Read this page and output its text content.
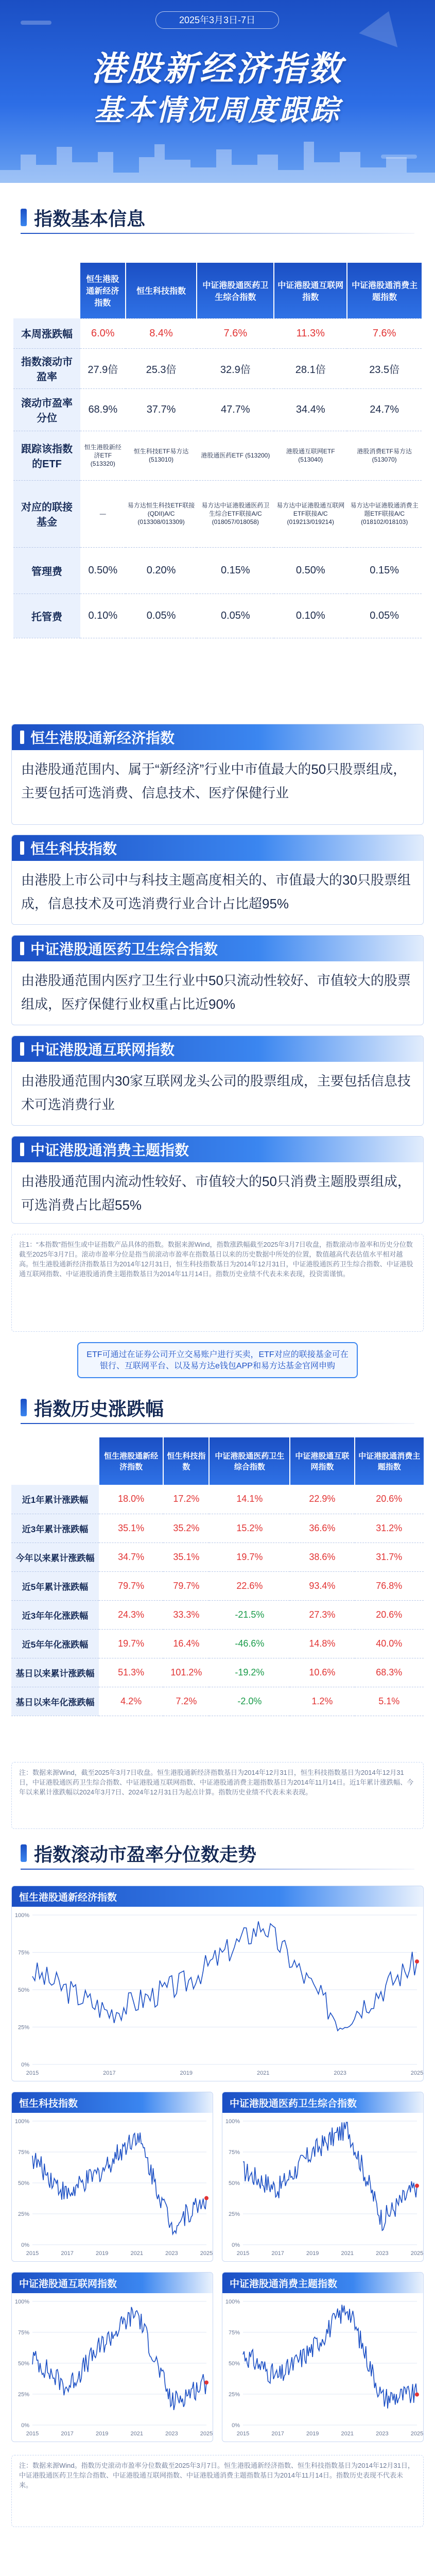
2025年3月3日-7日
港股新经济指数
基本情况周度跟踪
指数基本信息
	恒生港股通新经济指数	恒生科技指数	中证港股通医药卫生综合指数	中证港股通互联网指数	中证港股通消费主题指数
本周涨跌幅	6.0%	8.4%	7.6%	11.3%	7.6%
指数滚动市盈率	27.9倍	25.3倍	32.9倍	28.1倍	23.5倍
滚动市盈率分位	68.9%	37.7%	47.7%	34.4%	24.7%
跟踪该指数的ETF	恒生港股新经济ETF (513320)	恒生科技ETF易方达 (513010)	港股通医药ETF (513200)	港股通互联网ETF (513040)	港股消费ETF易方达 (513070)
对应的联接基金	—	易方达恒生科技ETF联接(QDII)A/C (013308/013309)	易方达中证港股通医药卫生综合ETF联接A/C (018057/018058)	易方达中证港股通互联网ETF联接A/C (019213/019214)	易方达中证港股通消费主题ETF联接A/C (018102/018103)
管理费	0.50%	0.20%	0.15%	0.50%	0.15%
托管费	0.10%	0.05%	0.05%	0.10%	0.05%
恒生港股通新经济指数
由港股通范围内、属于“新经济”行业中市值最大的50只股票组成，主要包括可选消费、信息技术、医疗保健行业
恒生科技指数
由港股上市公司中与科技主题高度相关的、市值最大的30只股票组成，信息技术及可选消费行业合计占比超95%
中证港股通医药卫生综合指数
由港股通范围内医疗卫生行业中50只流动性较好、市值较大的股票组成，医疗保健行业权重占比近90%
中证港股通互联网指数
由港股通范围内30家互联网龙头公司的股票组成，主要包括信息技术可选消费行业
中证港股通消费主题指数
由港股通范围内流动性较好、市值较大的50只消费主题股票组成，可选消费占比超55%
注1：“本指数”指恒生或中证指数产品具体的指数。数据来源Wind，指数涨跌幅截至2025年3月7日收盘，指数滚动市盈率和历史分位数截至2025年3月7日。滚动市盈率分位是指当前滚动市盈率在指数基日以来的历史数据中所处的位置，数值越高代表估值水平相对越高。恒生港股通新经济指数基日为2014年12月31日，恒生科技指数基日为2014年12月31日，中证港股通医药卫生综合指数、中证港股通互联网指数、中证港股通消费主题指数基日为2014年11月14日。指数历史业绩不代表未来表现，投资需谨慎。
ETF可通过在证券公司开立交易账户进行买卖，ETF对应的联接基金可在银行、互联网平台、以及易方达e钱包APP和易方达基金官网申购
指数历史涨跌幅
	恒生港股通新经济指数	恒生科技指数	中证港股通医药卫生综合指数	中证港股通互联网指数	中证港股通消费主题指数
近1年累计涨跌幅	18.0%	17.2%	14.1%	22.9%	20.6%
近3年累计涨跌幅	35.1%	35.2%	15.2%	36.6%	31.2%
今年以来累计涨跌幅	34.7%	35.1%	19.7%	38.6%	31.7%
近5年累计涨跌幅	79.7%	79.7%	22.6%	93.4%	76.8%
近3年年化涨跌幅	24.3%	33.3%	-21.5%	27.3%	20.6%
近5年年化涨跌幅	19.7%	16.4%	-46.6%	14.8%	40.0%
基日以来累计涨跌幅	51.3%	101.2%	-19.2%	10.6%	68.3%
基日以来年化涨跌幅	4.2%	7.2%	-2.0%	1.2%	5.1%
注：数据来源Wind，截至2025年3月7日收盘。恒生港股通新经济指数基日为2014年12月31日，恒生科技指数基日为2014年12月31日，中证港股通医药卫生综合指数、中证港股通互联网指数、中证港股通消费主题指数基日为2014年11月14日。近1年累计涨跌幅、今年以来累计涨跌幅以2024年3月7日、2024年12月31日为起点计算。指数历史业绩不代表未来表现。
指数滚动市盈率分位数走势
恒生港股通新经济指数
0%
25%
50%
75%
100%
2015	2017	2019	2021	2023	2025
恒生科技指数
0%
25%
50%
75%
100%
2015	2017	2019	2021	2023	2025
中证港股通医药卫生综合指数
0%
25%
50%
75%
100%
2015	2017	2019	2021	2023	2025
中证港股通互联网指数
0%
25%
50%
75%
100%
2015	2017	2019	2021	2023	2025
中证港股通消费主题指数
0%
25%
50%
75%
100%
2015	2017	2019	2021	2023	2025
注：数据来源Wind。指数历史滚动市盈率分位数截至2025年3月7日。恒生港股通新经济指数、恒生科技指数基日为2014年12月31日，中证港股通医药卫生综合指数、中证港股通互联网指数、中证港股通消费主题指数基日为2014年11月14日。指数历史表现不代表未来。
